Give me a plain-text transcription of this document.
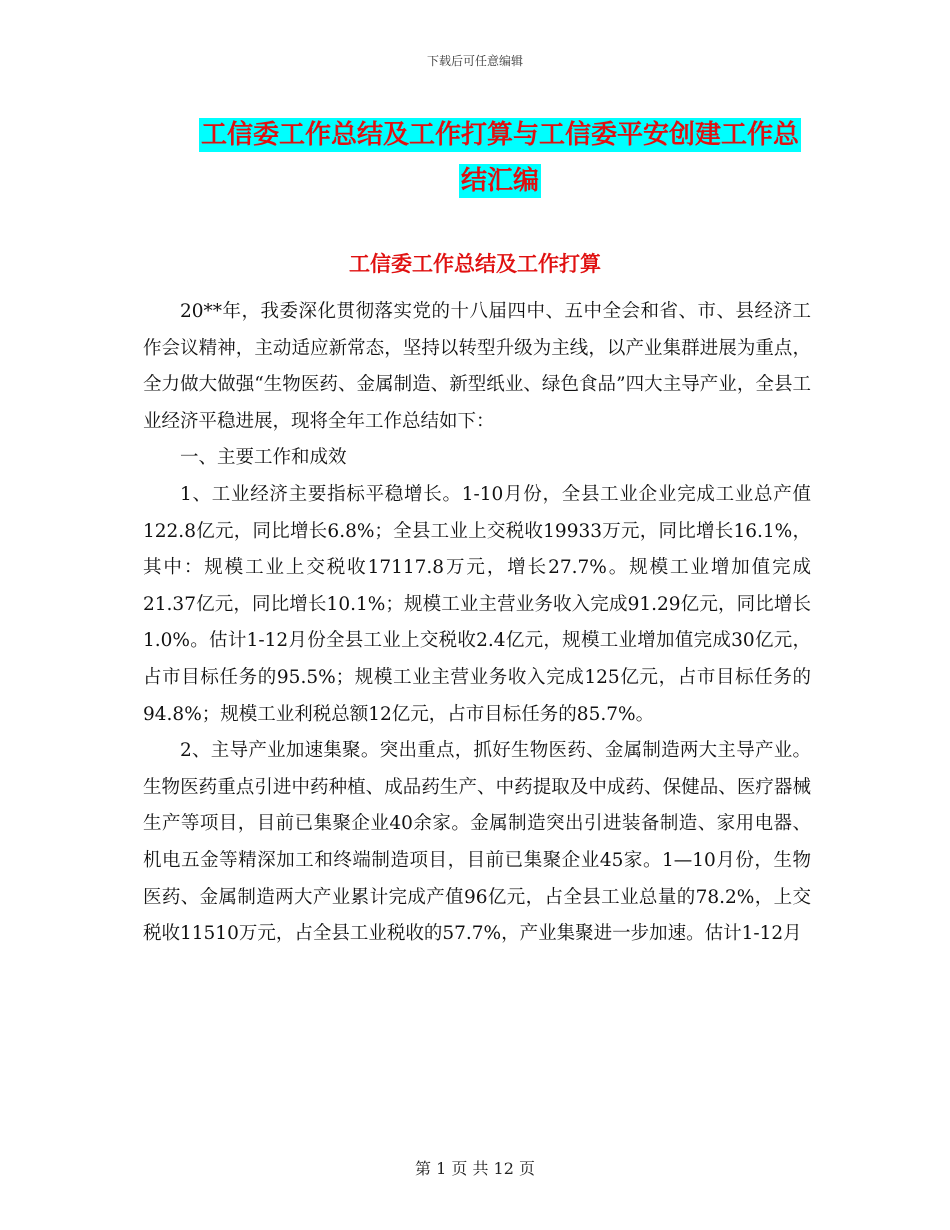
下载后可任意编辑
工信委工作总结及工作打算与工信委平安创建工作总
结汇编
工信委工作总结及工作打算

20**年，我委深化贯彻落实党的十八届四中、五中全会和省、市、县经济工作会议精神，主动适应新常态，坚持以转型升级为主线，以产业集群进展为重点，全力做大做强“生物医药、金属制造、新型纸业、绿色食品”四大主导产业，全县工业经济平稳进展，现将全年工作总结如下：

一、主要工作和成效

1、工业经济主要指标平稳增长。1-10月份，全县工业企业完成工业总产值122.8亿元，同比增长6.8%；全县工业上交税收19933万元，同比增长16.1%，其中：规模工业上交税收17117.8万元，增长27.7%。规模工业增加值完成21.37亿元，同比增长10.1%；规模工业主营业务收入完成91.29亿元，同比增长1.0%。估计1-12月份全县工业上交税收2.4亿元，规模工业增加值完成30亿元，占市目标任务的95.5%；规模工业主营业务收入完成125亿元，占市目标任务的94.8%；规模工业利税总额12亿元，占市目标任务的85.7%。

2、主导产业加速集聚。突出重点，抓好生物医药、金属制造两大主导产业。生物医药重点引进中药种植、成品药生产、中药提取及中成药、保健品、医疗器械生产等项目，目前已集聚企业40余家。金属制造突出引进装备制造、家用电器、机电五金等精深加工和终端制造项目，目前已集聚企业45家。1—10月份，生物医药、金属制造两大产业累计完成产值96亿元，占全县工业总量的78.2%，上交税收11510万元，占全县工业税收的57.7%，产业集聚进一步加速。估计1-12月

第 1 页 共 12 页
